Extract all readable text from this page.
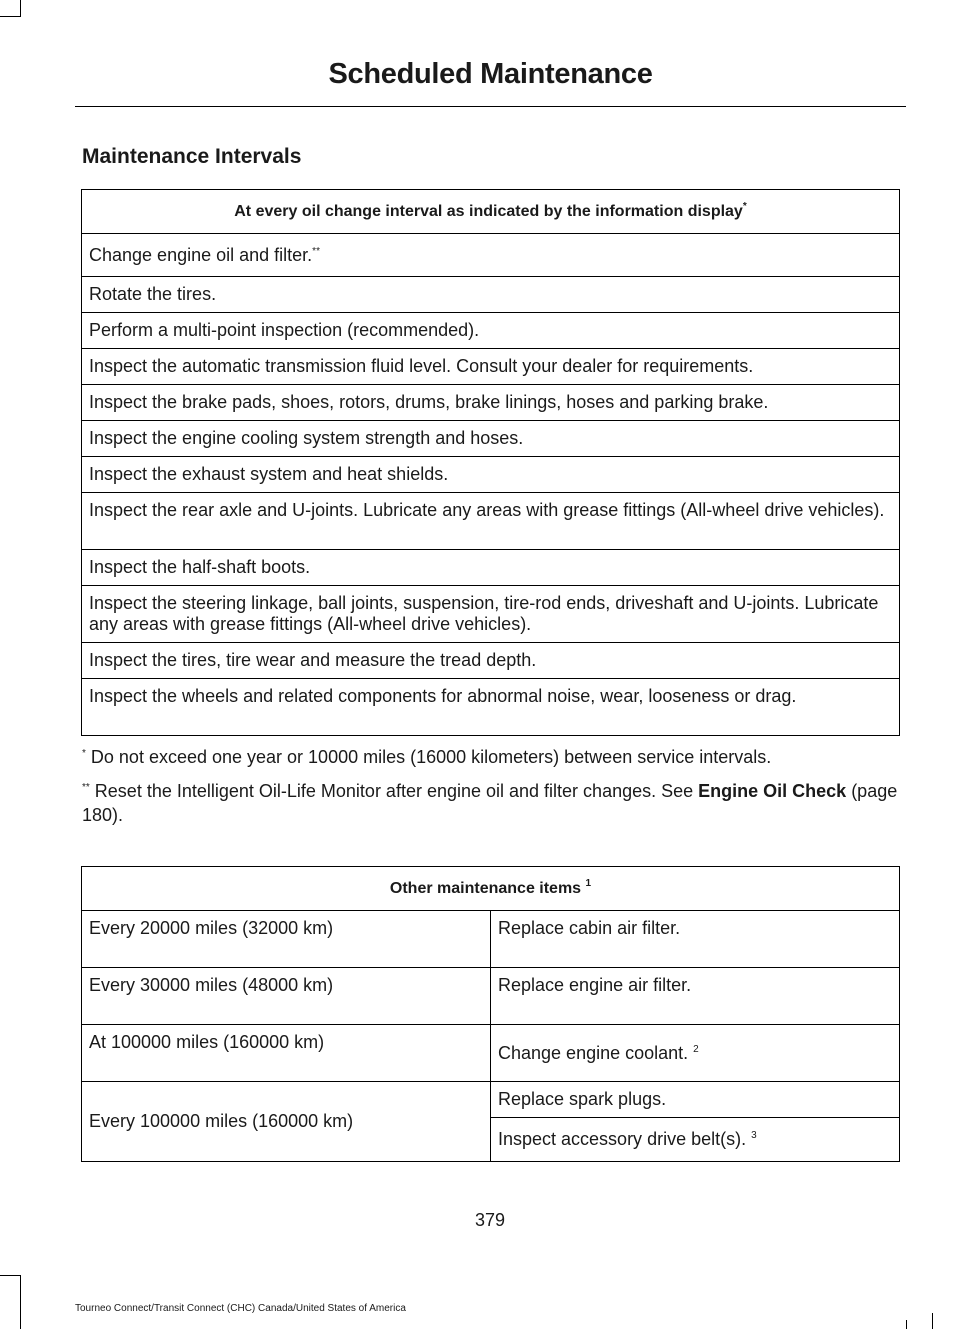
Scheduled Maintenance
Maintenance Intervals
At every oil change interval as indicated by the information display*
Change engine oil and filter.**
Rotate the tires.
Perform a multi-point inspection (recommended).
Inspect the automatic transmission fluid level. Consult your dealer for requirements.
Inspect the brake pads, shoes, rotors, drums, brake linings, hoses and parking brake.
Inspect the engine cooling system strength and hoses.
Inspect the exhaust system and heat shields.
Inspect the rear axle and U-joints. Lubricate any areas with grease fittings (All-wheel drive vehicles).
Inspect the half-shaft boots.
Inspect the steering linkage, ball joints, suspension, tire-rod ends, driveshaft and U-joints. Lubricate any areas with grease fittings (All-wheel drive vehicles).
Inspect the tires, tire wear and measure the tread depth.
Inspect the wheels and related components for abnormal noise, wear, looseness or drag.
* Do not exceed one year or 10000 miles (16000 kilometers) between service intervals.
** Reset the Intelligent Oil-Life Monitor after engine oil and filter changes. See Engine Oil Check (page 180).
Other maintenance items $^1$
Every 20000 miles (32000 km)	Replace cabin air filter.
Every 30000 miles (48000 km)	Replace engine air filter.
At 100000 miles (160000 km)	Change engine coolant. $^2$
Every 100000 miles (160000 km)	Replace spark plugs.
	Inspect accessory drive belt(s). $^3$
379
Tourneo Connect/Transit Connect (CHC) Canada/United States of America
